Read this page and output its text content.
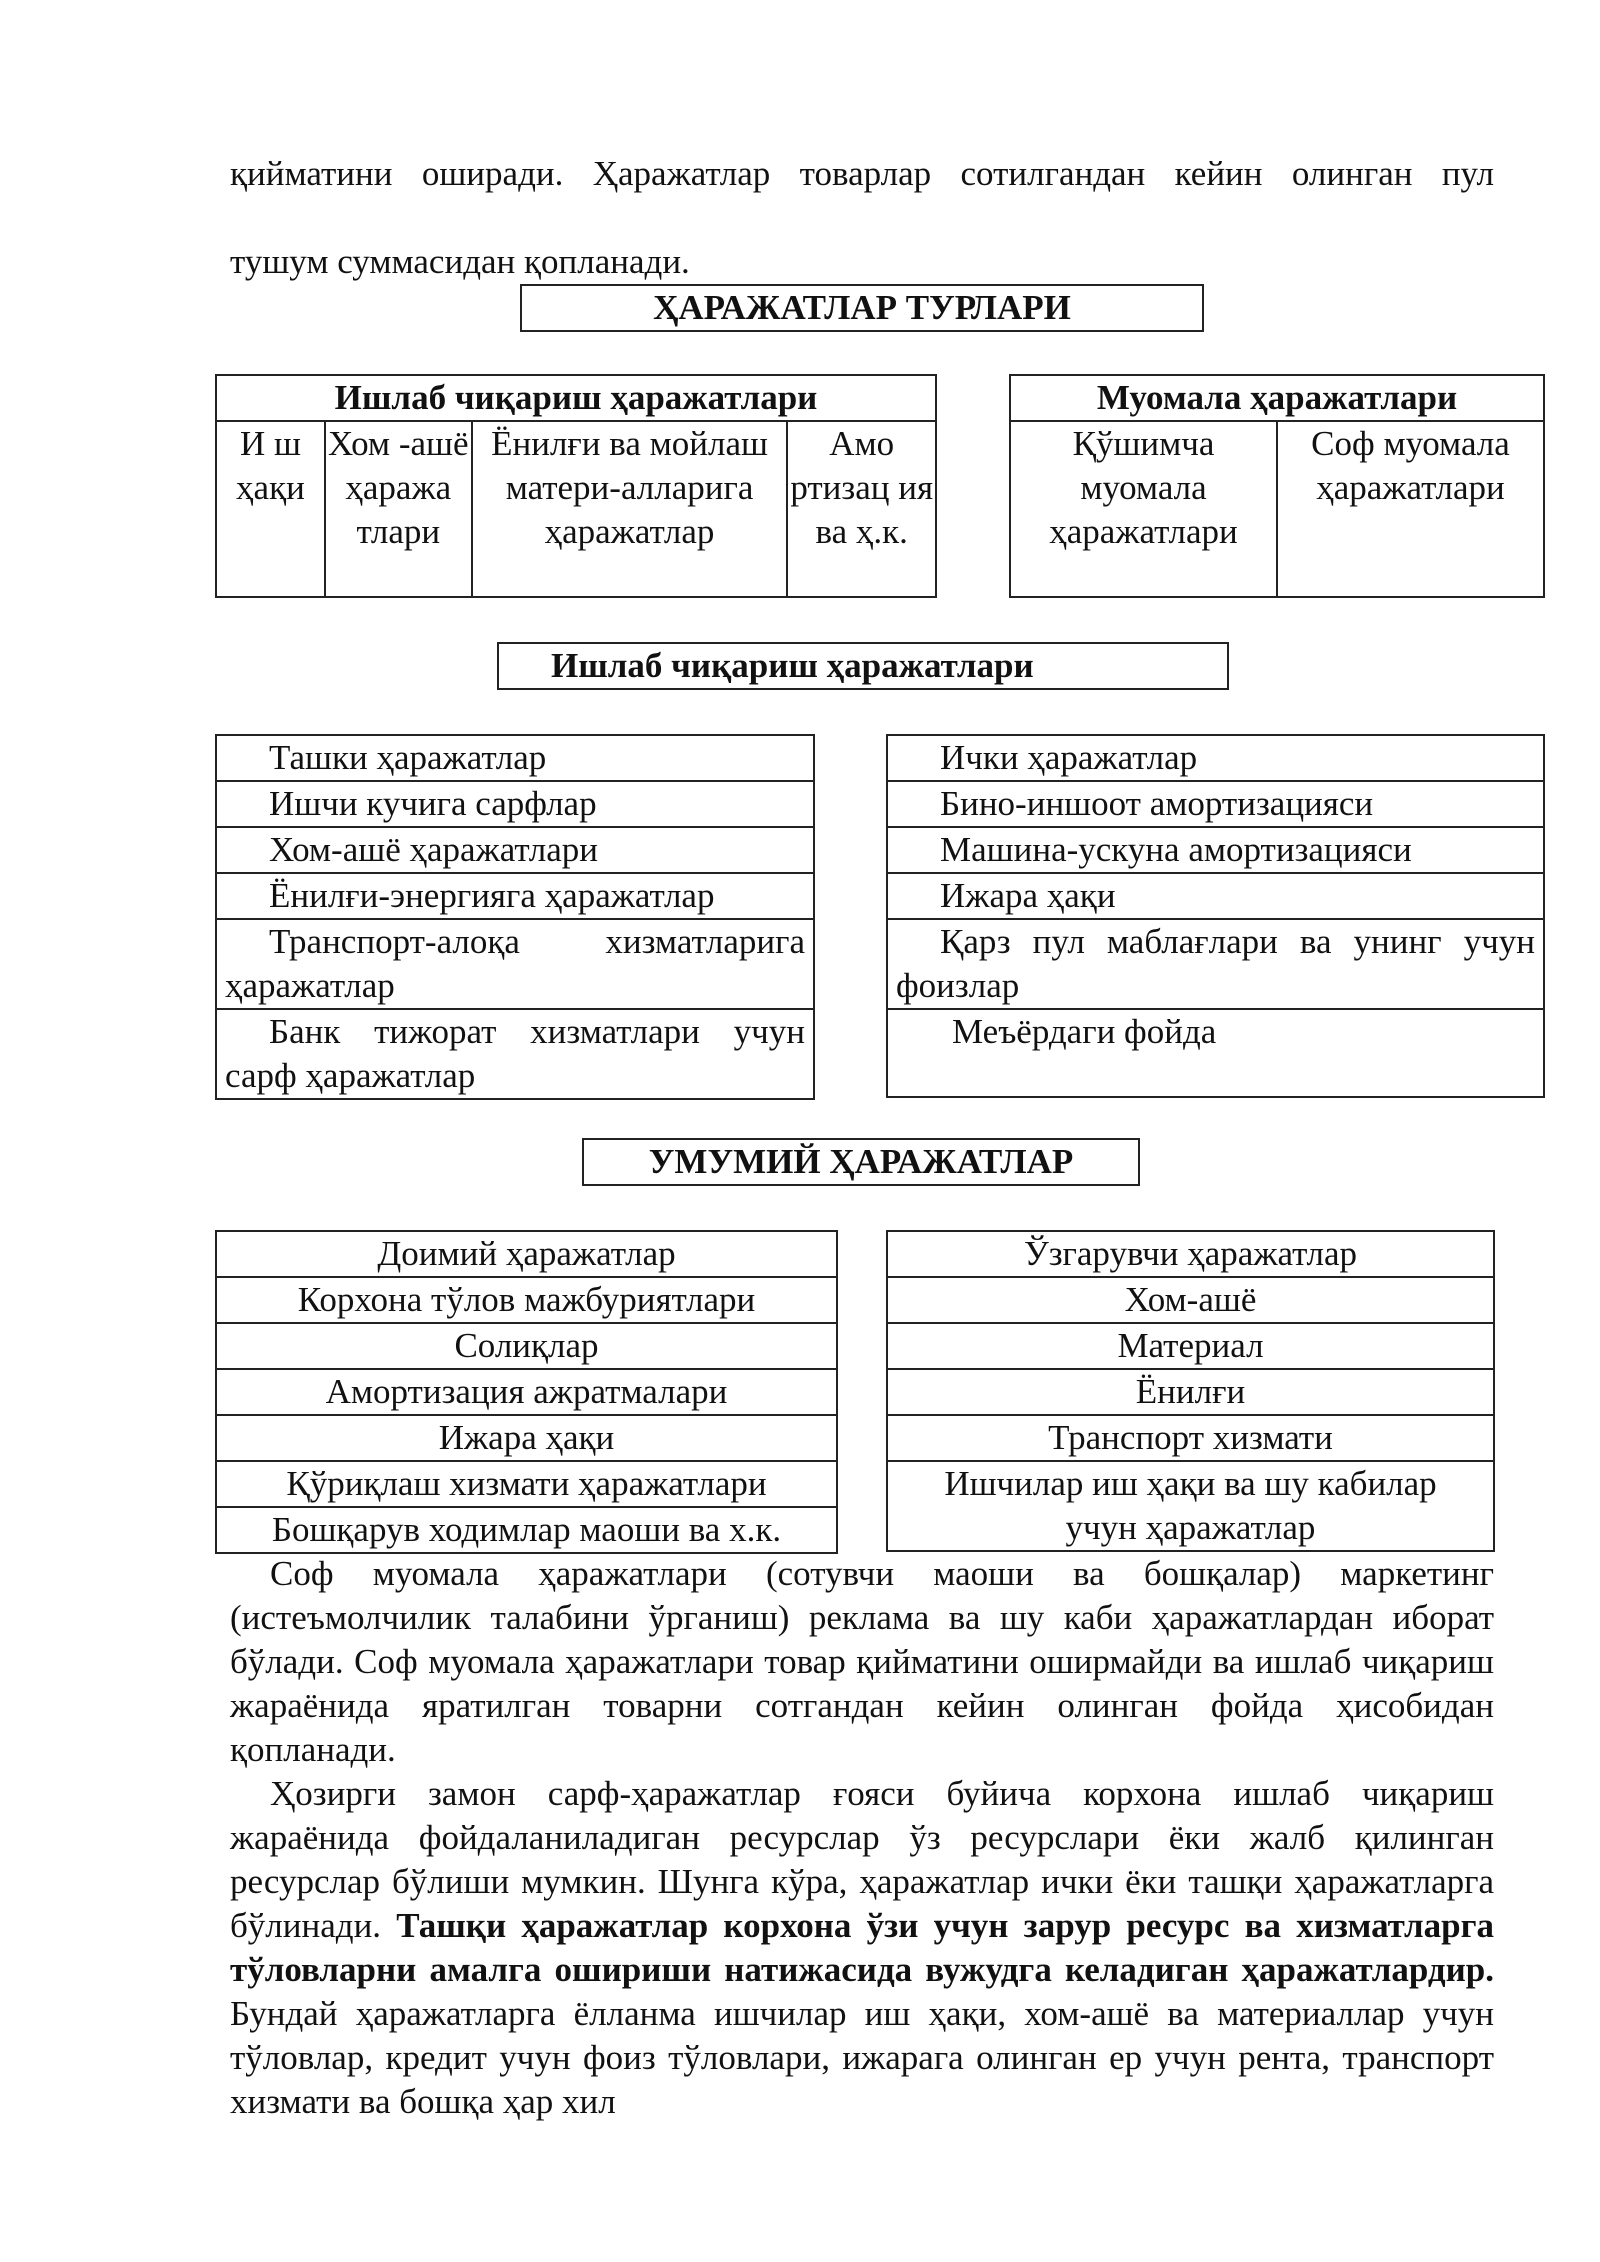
қийматини оширади. Ҳаражатлар товарлар сотилгандан кейин олинган пул

тушум суммасидан қопланади.

ҲАРАЖАТЛАР ТУРЛАРИ
Ишлаб чиқариш ҳаражатлари
И ш ҳақи	Хом -ашё ҳаража тлари	Ёнилғи ва мойлаш матери-алларига ҳаражатлар	Амо ртизац ия ва ҳ.к.
Муомала ҳаражатлари
Қўшимча муомала ҳаражатлари	Соф муомала ҳаражатлари
Ишлаб чиқариш ҳаражатлари
Ташки ҳаражатлар

Ишчи кучига сарфлар

Хом-ашё ҳаражатлари

Ёнилғи-энергияга ҳаражатлар

Транспорт-алоқа хизматларига ҳаражатлар

Банк тижорат хизматлари учун сарф ҳаражатлар
Ички ҳаражатлар

Бино-иншоот амортизацияси

Машина-ускуна амортизацияси

Ижара ҳақи

Қарз пул маблағлари ва унинг учун фоизлар

Меъёрдаги фойда
УМУМИЙ ҲАРАЖАТЛАР
Доимий ҳаражатлар
Корхона тўлов мажбуриятлари
Солиқлар
Амортизация ажратмалари
Ижара ҳақи
Қўриқлаш хизмати ҳаражатлари
Бошқарув ходимлар маоши ва х.к.
Ўзгарувчи ҳаражатлар
Хом-ашё
Материал
Ёнилғи
Транспорт хизмати
Ишчилар иш ҳақи ва шу кабилар учун ҳаражатлар

Соф муомала ҳаражатлари (сотувчи маоши ва бошқалар) маркетинг (истеъмолчилик талабини ўрганиш) реклама ва шу каби ҳаражатлардан иборат бўлади. Соф муомала ҳаражатлари товар қийматини оширмайди ва ишлаб чиқариш жараёнида яратилган товарни сотгандан кейин олинган фойда ҳисобидан қопланади.

Ҳозирги замон сарф-ҳаражатлар ғояси буйича корхона ишлаб чиқариш жараёнида фойдаланиладиган ресурслар ўз ресурслари ёки жалб қилинган ресурслар бўлиши мумкин. Шунга кўра, ҳаражатлар ички ёки ташқи ҳаражатларга бўлинади. Ташқи ҳаражатлар корхона ўзи учун зарур ресурс ва хизматларга тўловларни амалга ошириши натижасида вужудга келадиган ҳаражатлардир. Бундай ҳаражатларга ёлланма ишчилар иш ҳақи, хом-ашё ва материаллар учун тўловлар, кредит учун фоиз тўловлари, ижарага олинган ер учун рента, транспорт хизмати ва бошқа ҳар хил
